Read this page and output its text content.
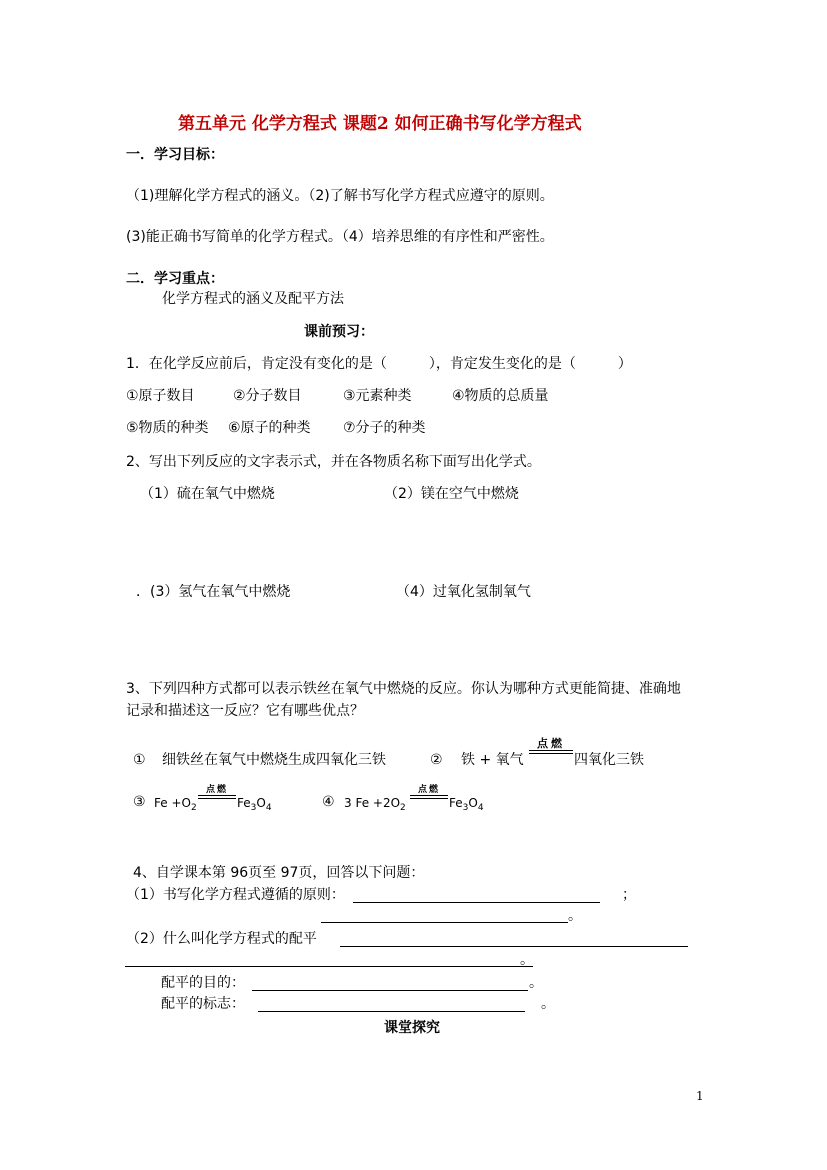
第五单元 化学方程式 课题2 如何正确书写化学方程式
一．学习目标：
（1)理解化学方程式的涵义。（2)了解书写化学方程式应遵守的原则。
(3)能正确书写简单的化学方程式。（4）培养思维的有序性和严密性。
二．学习重点：
化学方程式的涵义及配平方法
课前预习：
1．在化学反应前后，肯定没有变化的是（　　　），肯定发生变化的是（　　　）
①原子数目	②分子数目	③元素种类	④物质的总质量
⑤物质的种类 ⑥原子的种类 ⑦分子的种类
2、写出下列反应的文字表示式，并在各物质名称下面写出化学式。
（1）硫在氧气中燃烧	（2）镁在空气中燃烧
．(3）氢气在氧气中燃烧	（4）过氧化氢制氧气
3、下列四种方式都可以表示铁丝在氧气中燃烧的反应。你认为哪种方式更能简捷、准确地
记录和描述这一反应？它有哪些优点？
① 细铁丝在氧气中燃烧生成四氧化三铁	② 铁 + 氧气
点燃
四氧化三铁
③ $Fe +O_2$
点燃
$Fe_3O_4$	④ 3 $Fe +2O_2$
点燃
$Fe_3O_4$
4、自学课本第 96页至 97页，回答以下问题：
（1）书写化学方程式遵循的原则：	；
。
（2）什么叫化学方程式的配平
。
配平的目的：	。
配平的标志：	。
课堂探究
1
